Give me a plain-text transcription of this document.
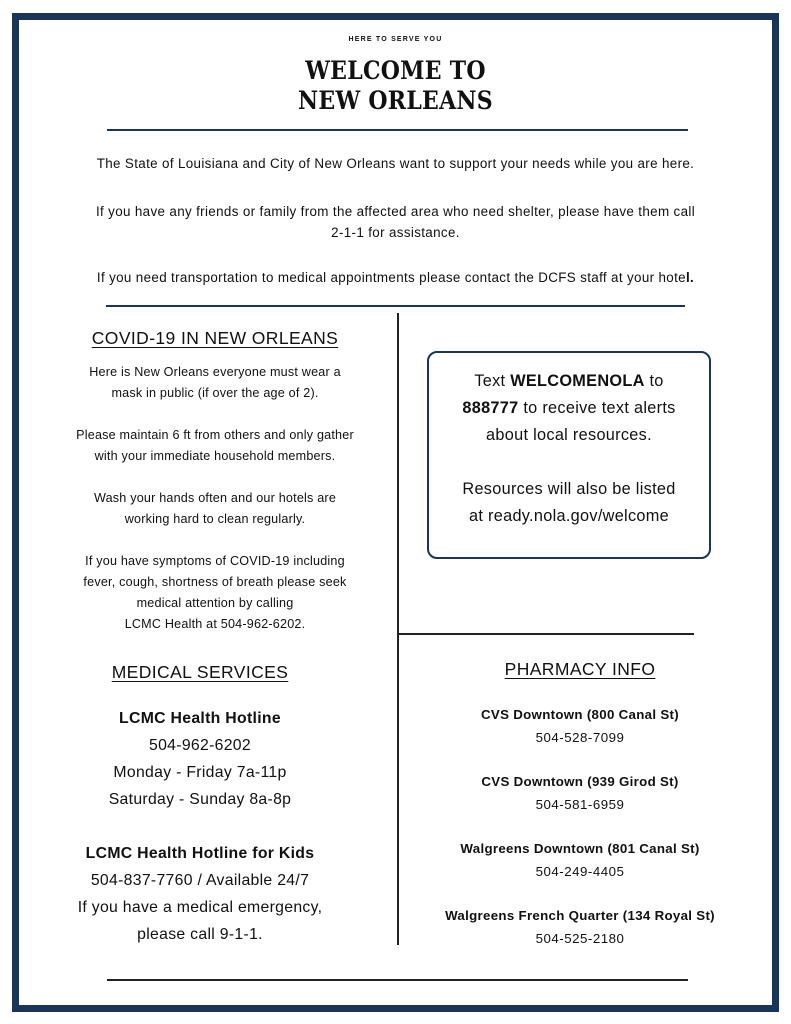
HERE TO SERVE YOU
WELCOME TO
NEW ORLEANS
The State of Louisiana and City of New Orleans want to support your needs while you are here.
If you have any friends or family from the affected area who need shelter, please have them call
2-1-1 for assistance.
If you need transportation to medical appointments please contact the DCFS staff at your hotel.
COVID-19 IN NEW ORLEANS

Here is New Orleans everyone must wear a
mask in public (if over the age of 2).

Please maintain 6 ft from others and only gather
with your immediate household members.

Wash your hands often and our hotels are
working hard to clean regularly.

If you have symptoms of COVID-19 including
fever, cough, shortness of breath please seek
medical attention by calling
LCMC Health at 504-962-6202.

Text WELCOMENOLA to
888777 to receive text alerts
about local resources.
Resources will also be listed
at ready.nola.gov/welcome
MEDICAL SERVICES
LCMC Health Hotline
504-962-6202
Monday - Friday 7a-11p
Saturday - Sunday 8a-8p
LCMC Health Hotline for Kids
504-837-7760 / Available 24/7
If you have a medical emergency,
please call 9-1-1.
PHARMACY INFO
CVS Downtown (800 Canal St)
504-528-7099
CVS Downtown (939 Girod St)
504-581-6959
Walgreens Downtown (801 Canal St)
504-249-4405
Walgreens French Quarter (134 Royal St)
504-525-2180
